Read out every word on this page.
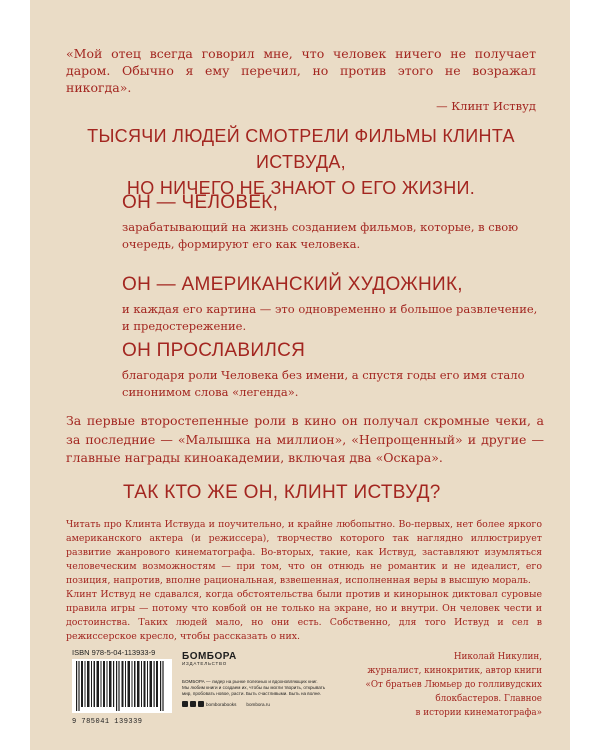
«Мой отец всегда говорил мне, что человек ничего не получает даром. Обычно я ему перечил, но против этого не возражал никогда».
— Клинт Иствуд
ТЫСЯЧИ ЛЮДЕЙ СМОТРЕЛИ ФИЛЬМЫ КЛИНТА ИСТВУДА,
НО НИЧЕГО НЕ ЗНАЮТ О ЕГО ЖИЗНИ.
ОН — ЧЕЛОВЕК,
зарабатывающий на жизнь созданием фильмов, которые, в свою очередь, формируют его как человека.
ОН — АМЕРИКАНСКИЙ ХУДОЖНИК,
и каждая его картина — это одновременно и большое развлечение, и предостережение.
ОН ПРОСЛАВИЛСЯ
благодаря роли Человека без имени, а спустя годы его имя стало синонимом слова «легенда».
За первые второстепенные роли в кино он получал скромные чеки, а за последние — «Малышка на миллион», «Непрощенный» и другие — главные награды киноакадемии, включая два «Оскара».
ТАК КТО ЖЕ ОН, КЛИНТ ИСТВУД?

Читать про Клинта Иствуда и поучительно, и крайне любопытно. Во-первых, нет более яркого американского актера (и режиссера), творчество которого так наглядно иллюстрирует развитие жанрового кинематографа. Во-вторых, такие, как Иствуд, заставляют изумляться человеческим возможностям — при том, что он отнюдь не романтик и не идеалист, его позиция, напротив, вполне рациональная, взвешенная, исполненная веры в высшую мораль.

Клинт Иствуд не сдавался, когда обстоятельства были против и кинорынок диктовал суровые правила игры — потому что ковбой он не только на экране, но и внутри. Он человек чести и достоинства. Таких людей мало, но они есть. Собственно, для того Иствуд и сел в режиссерское кресло, чтобы рассказать о них.

Николай Никулин,
журналист, кинокритик, автор книги
«От братьев Люмьер до голливудских
блокбастеров. Главное
в истории кинематографа»
ISBN 978-5-04-113933-9
9 785041 139339
БОМБОРА
ИЗДАТЕЛЬСТВО
БОМБОРА — лидер на рынке полезных и вдохновляющих книг.
Мы любим книги и создаем их, чтобы вы могли творить, открывать
мир, пробовать новое, расти. Быть счастливыми. Быть на волне.
bomborabooks bombora.ru
